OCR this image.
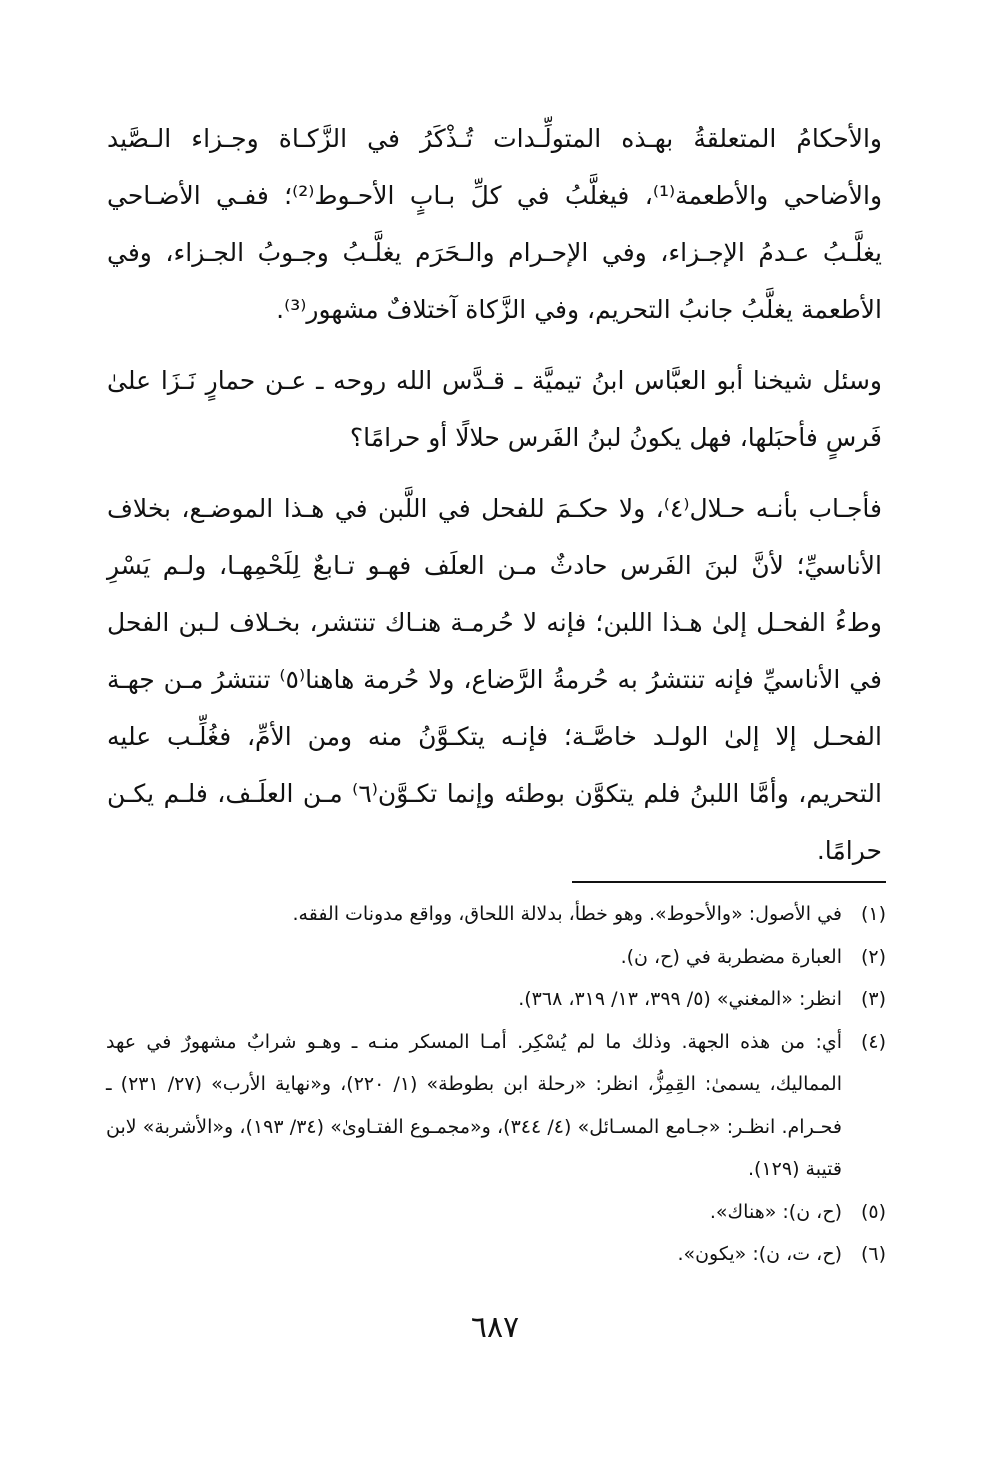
والأحكامُ المتعلقةُ بهـذه المتولِّـدات تُـذْكَرُ في الزَّكـاة وجـزاء الـصَّيد والأضاحي والأطعمة⁽¹⁾، فيغلَّبُ في كلِّ بـابٍ الأحـوط⁽²⁾؛ ففـي الأضـاحي يغلَّـبُ عـدمُ الإجـزاء، وفي الإحـرام والـحَرَم يغلَّـبُ وجـوبُ الجـزاء، وفي الأطعمة يغلَّبُ جانبُ التحريم، وفي الزَّكاة آختلافٌ مشهور⁽³⁾.

وسئل شيخنا أبو العبَّاس ابنُ تيميَّة ـ قـدَّس الله روحه ـ عـن حمارٍ نَـزَا علىٰ فَرسٍ فأحبَلها، فهل يكونُ لبنُ الفَرس حلالًا أو حرامًا؟

فأجـاب بأنـه حـلال⁽٤⁾، ولا حكـمَ للفحل في اللَّبن في هـذا الموضـع، بخلاف الأناسيِّ؛ لأنَّ لبنَ الفَرس حادثٌ مـن العلَف فهـو تـابعٌ لِلَحْمِهـا، ولـم يَسْرِ وطءُ الفحـل إلىٰ هـذا اللبن؛ فإنه لا حُرمـة هنـاك تنتشر، بخـلاف لـبن الفحل في الأناسيِّ فإنه تنتشرُ به حُرمةُ الرَّضاع، ولا حُرمة هاهنا⁽٥⁾ تنتشرُ مـن جهـة الفحـل إلا إلىٰ الولـد خاصَّـة؛ فإنـه يتكـوَّنُ منه ومن الأمِّ، فغُلِّـب عليه التحريم، وأمَّا اللبنُ فلم يتكوَّن بوطئه وإنما تكـوَّن⁽٦⁾ مـن العلَـف، فلـم يكـن حرامًا.

(١)
في الأصول: «والأحوط». وهو خطأ، بدلالة اللحاق، وواقع مدونات الفقه.
(٢)
العبارة مضطربة في (ح، ن).
(٣)
انظر: «المغني» (٥/ ٣٩٩، ١٣/ ٣١٩، ٣٦٨).
(٤)
أي: من هذه الجهة. وذلك ما لم يُسْكِر. أمـا المسكر منـه ـ وهـو شرابٌ مشهورٌ في عهد المماليك، يسمىٰ: القِمِزُّ، انظر: «رحلة ابن بطوطة» (١/ ٢٢٠)، و«نهاية الأرب» (٢٧/ ٢٣١) ـ فحـرام. انظـر: «جـامع المسـائل» (٤/ ٣٤٤)، و«مجمـوع الفتـاوىٰ» (٣٤/ ١٩٣)، و«الأشربة» لابن قتيبة (١٢٩).
(٥)
(ح، ن): «هناك».
(٦)
(ح، ت، ن): «يكون».
٦٨٧
